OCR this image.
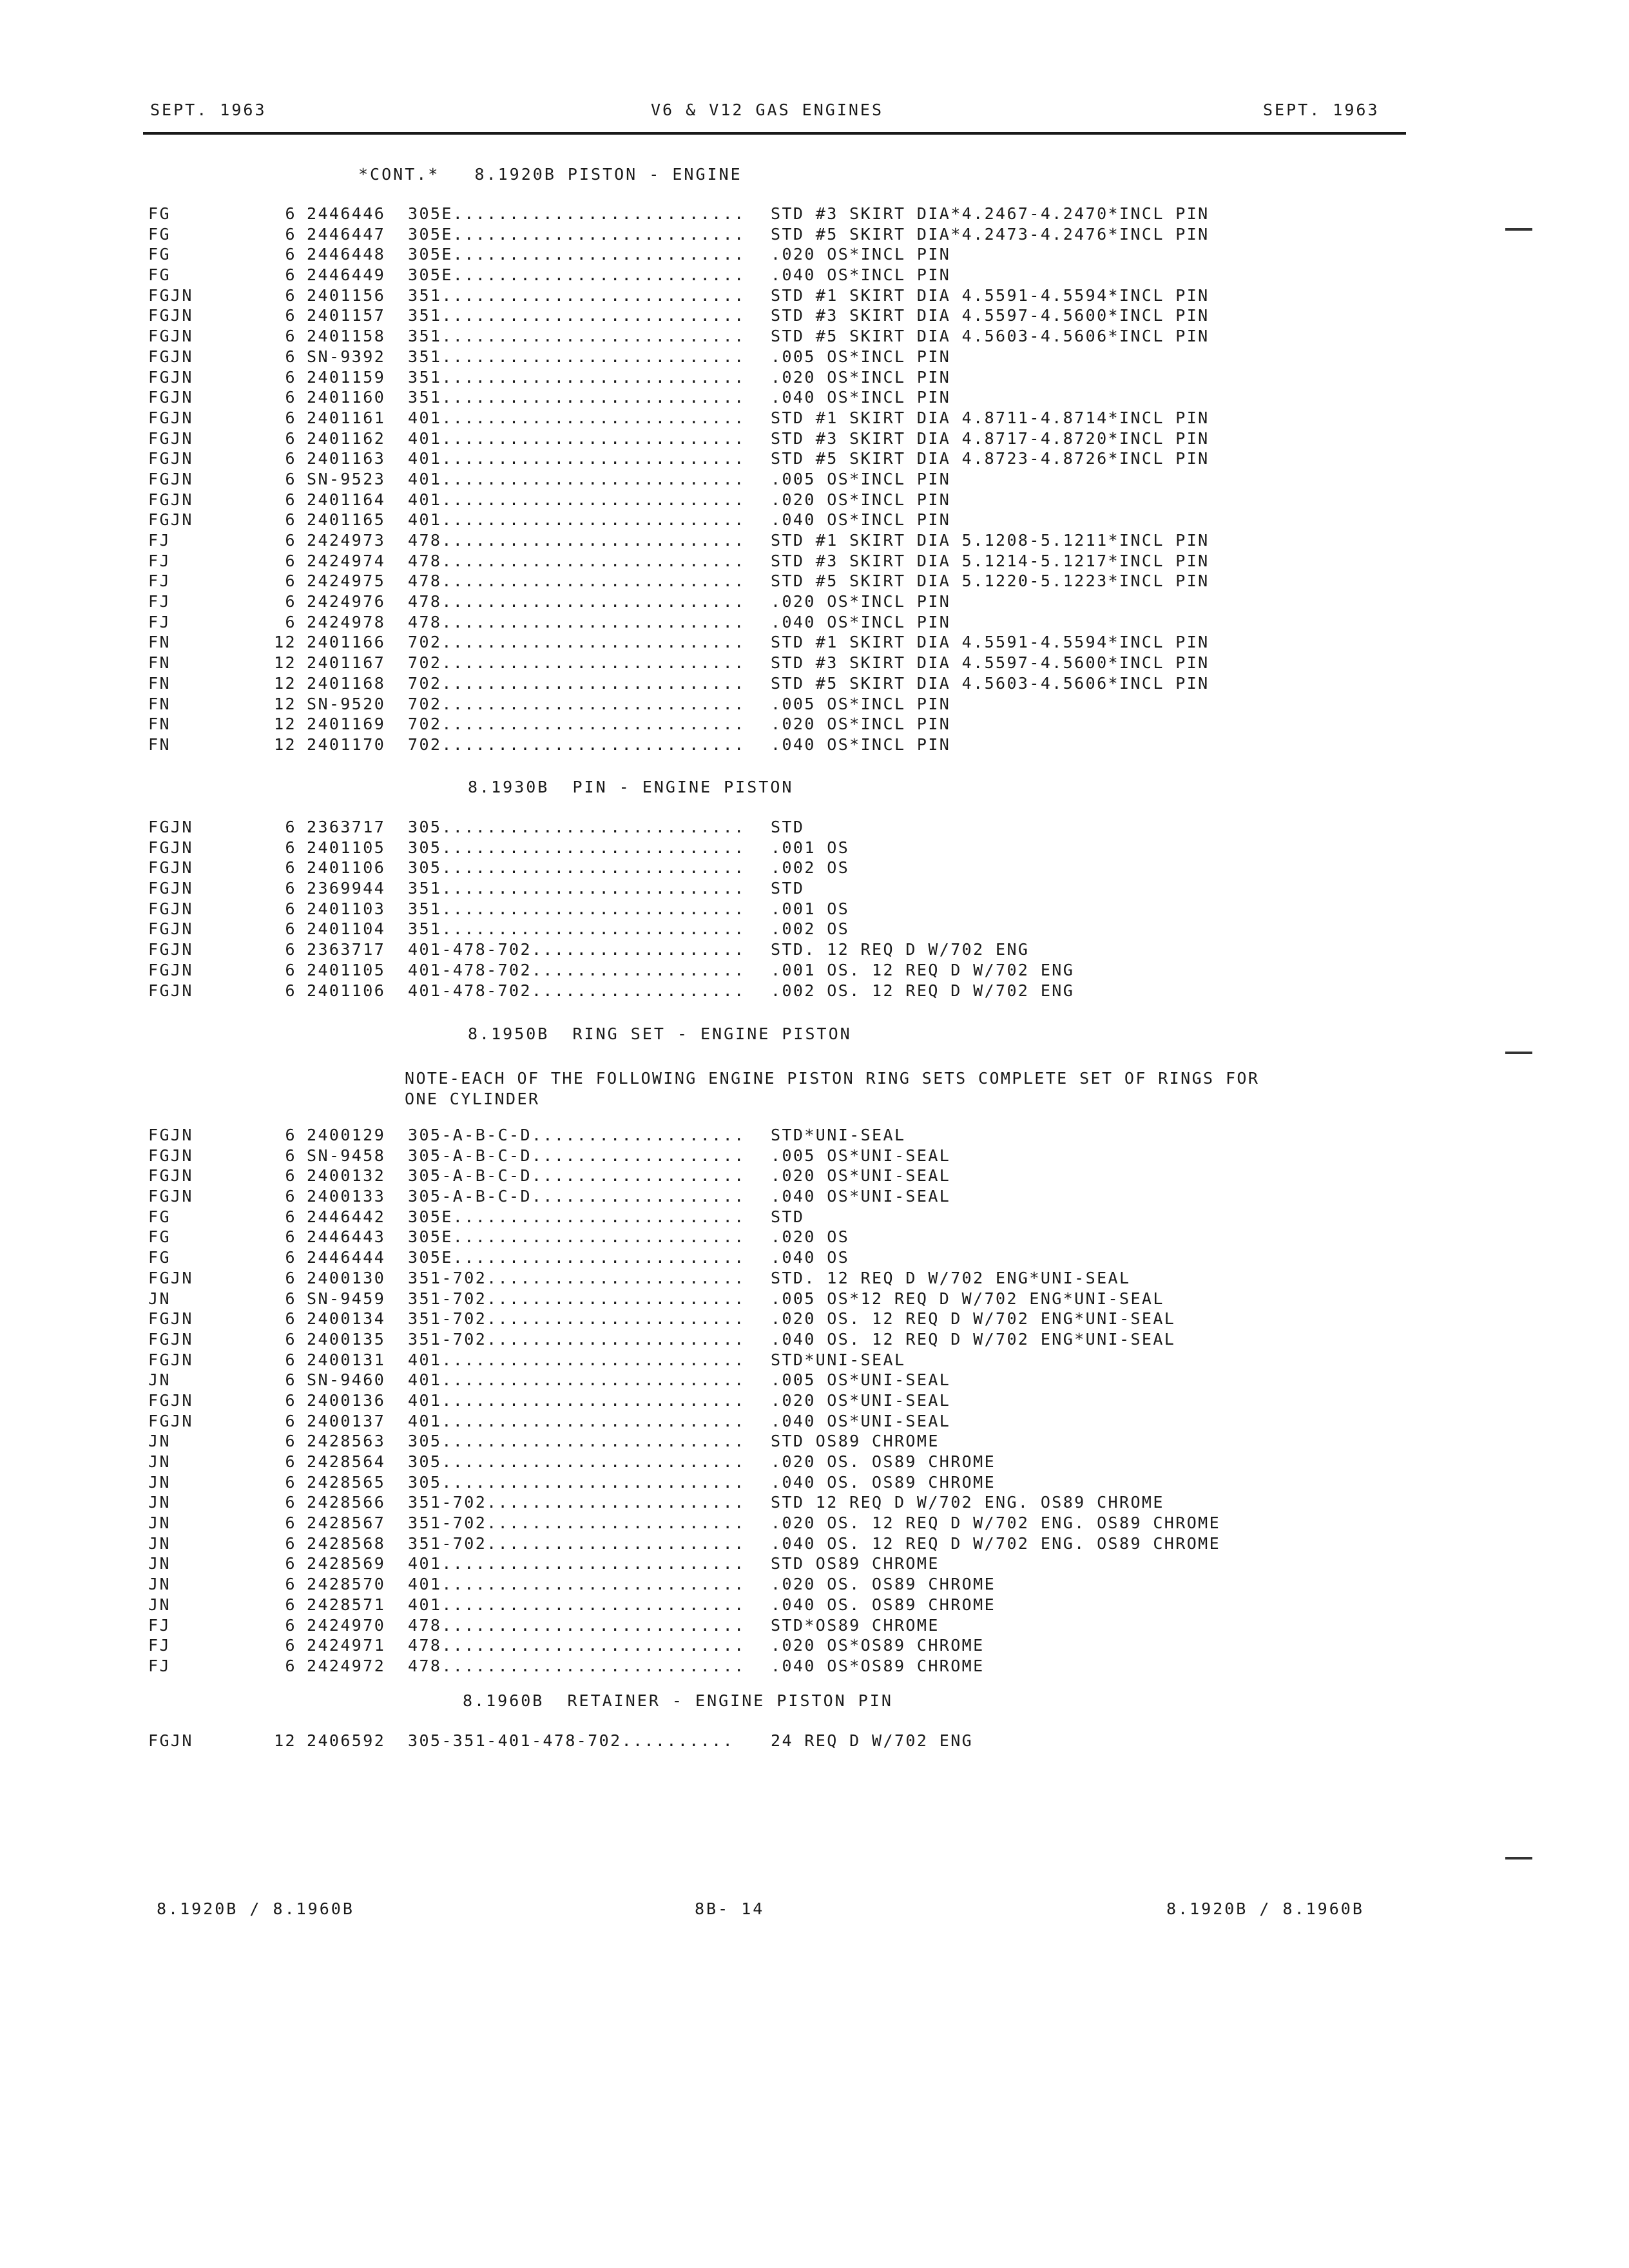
SEPT. 1963	V6 & V12 GAS ENGINES	SEPT. 1963
*CONT.*   8.1920B PISTON - ENGINE
FG	6 2446446 305E.......................... STD #3 SKIRT DIA*4.2467-4.2470*INCL PIN
FG	6 2446447 305E.......................... STD #5 SKIRT DIA*4.2473-4.2476*INCL PIN
FG	6 2446448 305E.......................... .020 OS*INCL PIN
FG	6 2446449 305E.......................... .040 OS*INCL PIN
FGJN	6 2401156 351........................... STD #1 SKIRT DIA 4.5591-4.5594*INCL PIN
FGJN	6 2401157 351........................... STD #3 SKIRT DIA 4.5597-4.5600*INCL PIN
FGJN	6 2401158 351........................... STD #5 SKIRT DIA 4.5603-4.5606*INCL PIN
FGJN	6 SN-9392 351........................... .005 OS*INCL PIN
FGJN	6 2401159 351........................... .020 OS*INCL PIN
FGJN	6 2401160 351........................... .040 OS*INCL PIN
FGJN	6 2401161 401........................... STD #1 SKIRT DIA 4.8711-4.8714*INCL PIN
FGJN	6 2401162 401........................... STD #3 SKIRT DIA 4.8717-4.8720*INCL PIN
FGJN	6 2401163 401........................... STD #5 SKIRT DIA 4.8723-4.8726*INCL PIN
FGJN	6 SN-9523 401........................... .005 OS*INCL PIN
FGJN	6 2401164 401........................... .020 OS*INCL PIN
FGJN	6 2401165 401........................... .040 OS*INCL PIN
FJ	6 2424973 478........................... STD #1 SKIRT DIA 5.1208-5.1211*INCL PIN
FJ	6 2424974 478........................... STD #3 SKIRT DIA 5.1214-5.1217*INCL PIN
FJ	6 2424975 478........................... STD #5 SKIRT DIA 5.1220-5.1223*INCL PIN
FJ	6 2424976 478........................... .020 OS*INCL PIN
FJ	6 2424978 478........................... .040 OS*INCL PIN
FN	12 2401166 702........................... STD #1 SKIRT DIA 4.5591-4.5594*INCL PIN
FN	12 2401167 702........................... STD #3 SKIRT DIA 4.5597-4.5600*INCL PIN
FN	12 2401168 702........................... STD #5 SKIRT DIA 4.5603-4.5606*INCL PIN
FN	12 SN-9520 702........................... .005 OS*INCL PIN
FN	12 2401169 702........................... .020 OS*INCL PIN
FN	12 2401170 702........................... .040 OS*INCL PIN
8.1930B  PIN - ENGINE PISTON
FGJN	6 2363717 305........................... STD
FGJN	6 2401105 305........................... .001 OS
FGJN	6 2401106 305........................... .002 OS
FGJN	6 2369944 351........................... STD
FGJN	6 2401103 351........................... .001 OS
FGJN	6 2401104 351........................... .002 OS
FGJN	6 2363717 401-478-702................... STD. 12 REQ D W/702 ENG
FGJN	6 2401105 401-478-702................... .001 OS. 12 REQ D W/702 ENG
FGJN	6 2401106 401-478-702................... .002 OS. 12 REQ D W/702 ENG
8.1950B  RING SET - ENGINE PISTON
NOTE-EACH OF THE FOLLOWING ENGINE PISTON RING SETS COMPLETE SET OF RINGS FOR
ONE CYLINDER
FGJN	6 2400129 305-A-B-C-D................... STD*UNI-SEAL
FGJN	6 SN-9458 305-A-B-C-D................... .005 OS*UNI-SEAL
FGJN	6 2400132 305-A-B-C-D................... .020 OS*UNI-SEAL
FGJN	6 2400133 305-A-B-C-D................... .040 OS*UNI-SEAL
FG	6 2446442 305E.......................... STD
FG	6 2446443 305E.......................... .020 OS
FG	6 2446444 305E.......................... .040 OS
FGJN	6 2400130 351-702....................... STD. 12 REQ D W/702 ENG*UNI-SEAL
JN	6 SN-9459 351-702....................... .005 OS*12 REQ D W/702 ENG*UNI-SEAL
FGJN	6 2400134 351-702....................... .020 OS. 12 REQ D W/702 ENG*UNI-SEAL
FGJN	6 2400135 351-702....................... .040 OS. 12 REQ D W/702 ENG*UNI-SEAL
FGJN	6 2400131 401........................... STD*UNI-SEAL
JN	6 SN-9460 401........................... .005 OS*UNI-SEAL
FGJN	6 2400136 401........................... .020 OS*UNI-SEAL
FGJN	6 2400137 401........................... .040 OS*UNI-SEAL
JN	6 2428563 305........................... STD OS89 CHROME
JN	6 2428564 305........................... .020 OS. OS89 CHROME
JN	6 2428565 305........................... .040 OS. OS89 CHROME
JN	6 2428566 351-702....................... STD 12 REQ D W/702 ENG. OS89 CHROME
JN	6 2428567 351-702....................... .020 OS. 12 REQ D W/702 ENG. OS89 CHROME
JN	6 2428568 351-702....................... .040 OS. 12 REQ D W/702 ENG. OS89 CHROME
JN	6 2428569 401........................... STD OS89 CHROME
JN	6 2428570 401........................... .020 OS. OS89 CHROME
JN	6 2428571 401........................... .040 OS. OS89 CHROME
FJ	6 2424970 478........................... STD*OS89 CHROME
FJ	6 2424971 478........................... .020 OS*OS89 CHROME
FJ	6 2424972 478........................... .040 OS*OS89 CHROME
8.1960B  RETAINER - ENGINE PISTON PIN
FGJN	12 2406592 305-351-401-478-702.......... 24 REQ D W/702 ENG
8.1920B / 8.1960B	8B- 14	8.1920B / 8.1960B
